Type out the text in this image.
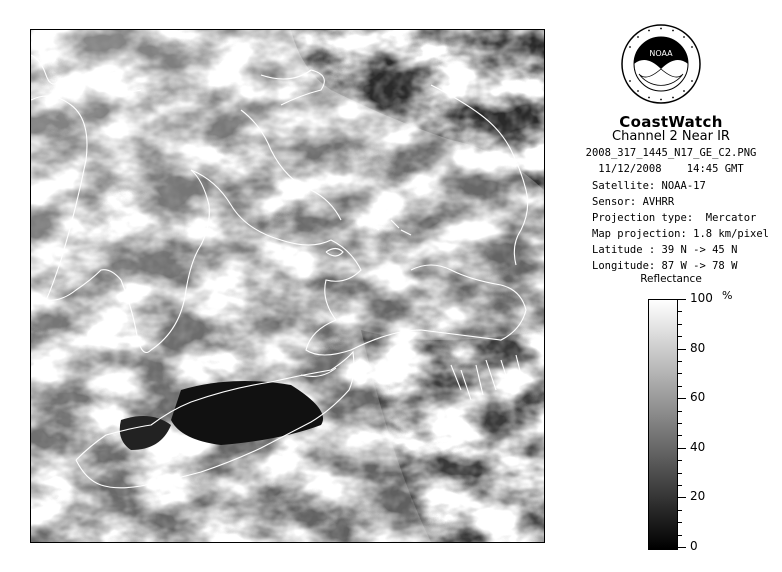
NOAA
CoastWatch
Channel 2 Near IR
2008_317_1445_N17_GE_C2.PNG
11/12/2008    14:45 GMT
Satellite: NOAA-17
Sensor: AVHRR
Projection type:  Mercator
Map projection: 1.8 km/pixel
Latitude : 39 N -> 45 N
Longitude: 87 W -> 78 W
Reflectance
%
100
80
60
40
20
0
